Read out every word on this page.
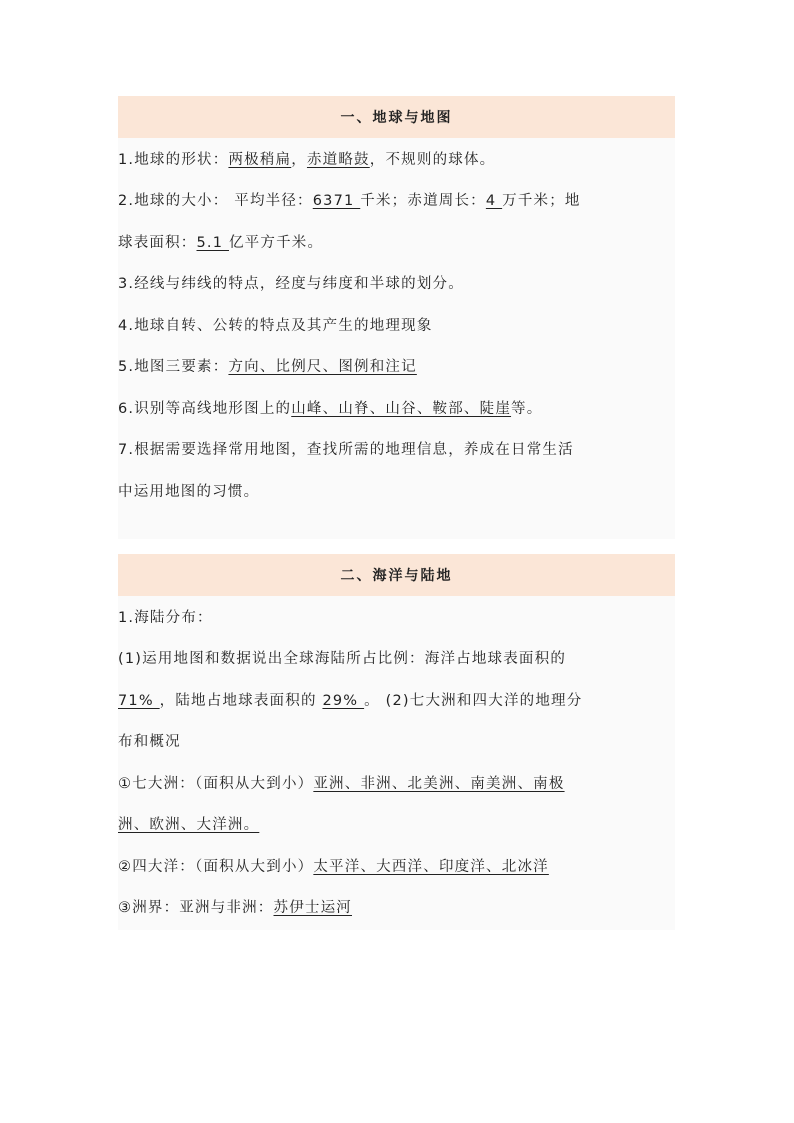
一、地球与地图
1.地球的形状：两极稍扁，赤道略鼓，不规则的球体。
2.地球的大小： 平均半径：6371 千米；赤道周长：4 万千米；地
球表面积：5.1 亿平方千米。
3.经线与纬线的特点，经度与纬度和半球的划分。
4.地球自转、公转的特点及其产生的地理现象
5.地图三要素：方向、比例尺、图例和注记
6.识别等高线地形图上的山峰、山脊、山谷、鞍部、陡崖等。
7.根据需要选择常用地图，查找所需的地理信息，养成在日常生活
中运用地图的习惯。
二、海洋与陆地
1.海陆分布：
(1)运用地图和数据说出全球海陆所占比例：海洋占地球表面积的
71% ，陆地占地球表面积的 29% 。 (2)七大洲和四大洋的地理分
布和概况
①七大洲：（面积从大到小）亚洲、非洲、北美洲、南美洲、南极
洲、欧洲、大洋洲。
②四大洋：（面积从大到小）太平洋、大西洋、印度洋、北冰洋
③洲界：亚洲与非洲：苏伊士运河
